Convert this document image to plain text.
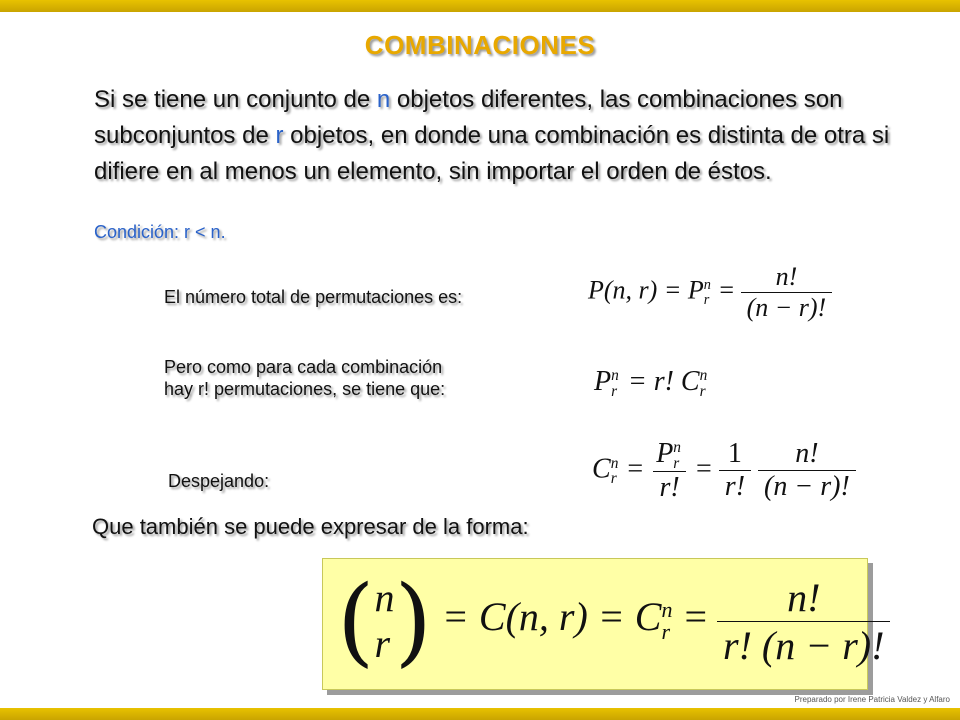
COMBINACIONES
Si se tiene un conjunto de n objetos diferentes, las combinaciones son subconjuntos de r objetos, en donde una combinación es distinta de otra si difiere en al menos un elemento, sin importar el orden de éstos.
Condición: r < n.
El número total de permutaciones es:	P(n, r) = P n
$r = \frac{n!}{(n - r)!}$
Pero como para cada combinación
hay r! permutaciones, se tiene que:	P n
r = r! C n
r
Despejando:	C n
r = P n
r
r! = $\frac{1}{r!}$
$\frac{n!}{(n - r)!}$
Que también se puede expresar de la forma:
( n
r ) = C(n, r) = C n
$r = \frac{n!}{r! (n - r)!}$
Preparado por Irene Patricia Valdez y Alfaro
